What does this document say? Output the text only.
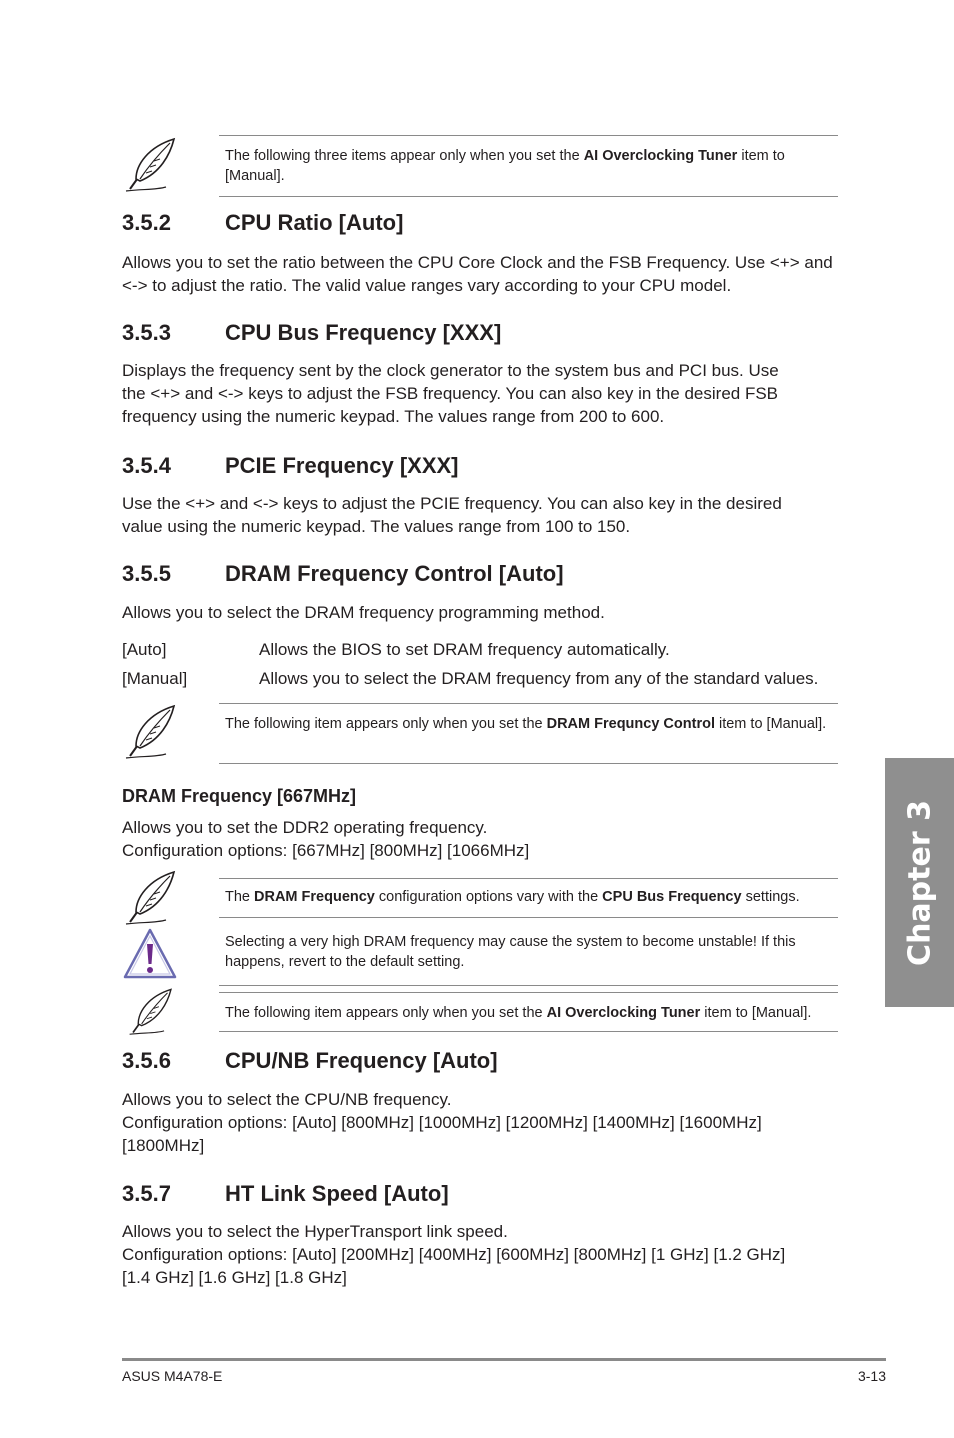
The following three items appear only when you set the AI Overclocking Tuner item to [Manual].
3.5.2 CPU Ratio [Auto]

Allows you to set the ratio between the CPU Core Clock and the FSB Frequency. Use <+> and <-> to adjust the ratio. The valid value ranges vary according to your CPU model.

3.5.3 CPU Bus Frequency [XXX]

Displays the frequency sent by the clock generator to the system bus and PCI bus. Use the <+> and <-> keys to adjust the FSB frequency. You can also key in the desired FSB frequency using the numeric keypad. The values range from 200 to 600.

3.5.4 PCIE Frequency [XXX]

Use the <+> and <-> keys to adjust the PCIE frequency. You can also key in the desired value using the numeric keypad. The values range from 100 to 150.

3.5.5 DRAM Frequency Control [Auto]

Allows you to select the DRAM frequency programming method.

[Auto]	Allows the BIOS to set DRAM frequency automatically.
[Manual]	Allows you to select the DRAM frequency from any of the standard values.
The following item appears only when you set the DRAM Frequncy Control item to [Manual].
DRAM Frequency [667MHz]

Allows you to set the DDR2 operating frequency.

Configuration options: [667MHz] [800MHz] [1066MHz]

The DRAM Frequency configuration options vary with the CPU Bus Frequency settings.
Selecting a very high DRAM frequency may cause the system to become unstable! If this happens, revert to the default setting.
The following item appears only when you set the AI Overclocking Tuner item to [Manual].
3.5.6 CPU/NB Frequency [Auto]

Allows you to select the CPU/NB frequency.

Configuration options: [Auto] [800MHz] [1000MHz] [1200MHz] [1400MHz] [1600MHz] [1800MHz]

3.5.7 HT Link Speed [Auto]

Allows you to select the HyperTransport link speed.

Configuration options: [Auto] [200MHz] [400MHz] [600MHz] [800MHz] [1 GHz] [1.2 GHz] [1.4 GHz] [1.6 GHz] [1.8 GHz]

Chapter 3
ASUS M4A78-E	3-13
